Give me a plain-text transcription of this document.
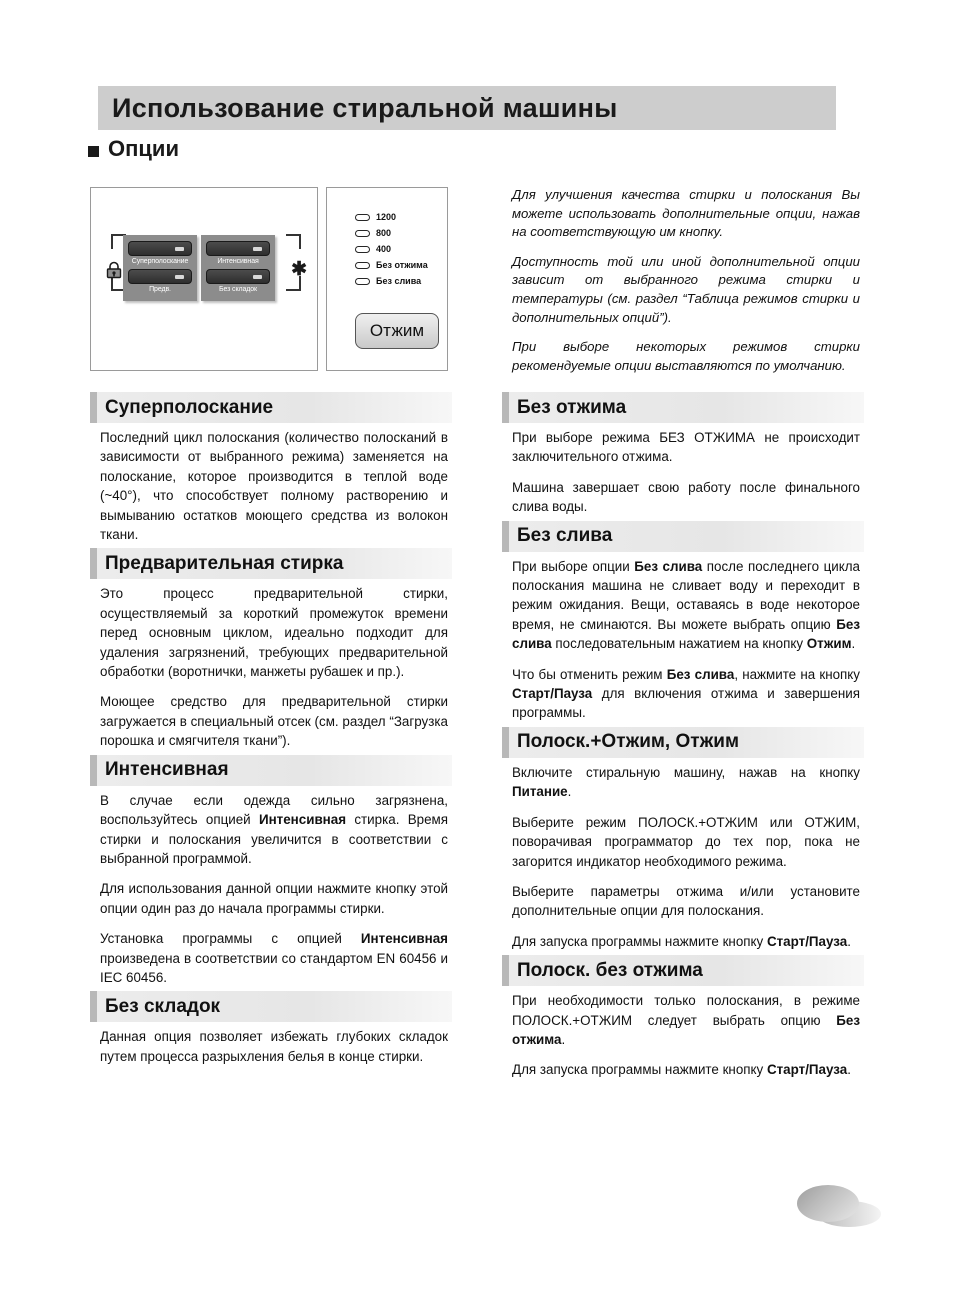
Использование стиральной машины
Опции
✱
Суперполоскание
Предв.
Интенсивная
Без складок
1200
800
400
Без отжима
Без слива
Отжим

Для улучшения качества стирки и полоскания Вы можете использовать дополнительные опции, нажав на соответствующую им кнопку.

Доступность той или иной дополнительной опции зависит от выбранного режима стирки и температуры (см. раздел “Таблица режимов стирки и дополнительных опций”).

При выборе некоторых режимов стирки рекомендуемые опции выставляются по умолчанию.

Суперполоскание

Последний цикл полоскания (количество полосканий в зависимости от выбранного режима) заменяется на полоскание, которое производится в теплой воде (~40°), что способствует полному растворению и вымыванию остатков моющего средства из волокон ткани.

Предварительная стирка

Это процесс предварительной стирки, осуществляемый за короткий промежуток времени перед основным циклом, идеально подходит для удаления загрязнений, требующих предварительной обработки (воротнички, манжеты рубашек и пр.).

Моющее средство для предварительной стирки загружается в специальный отсек (см. раздел “Загрузка порошка и смягчителя ткани”).

Интенсивная

В случае если одежда сильно загрязнена, воспользуйтесь опцией Интенсивная стирка. Время стирки и полоскания увеличится в соответствии с выбранной программой.

Для использования данной опции нажмите кнопку этой опции один раз до начала программы стирки.

Установка программы с опцией Интенсивная произведена в соответствии со стандартом EN 60456 и IEC 60456.

Без складок

Данная опция позволяет избежать глубоких складок путем процесса разрыхления белья в конце стирки.

Без отжима

При выборе режима БЕЗ ОТЖИМА не происходит заключительного отжима.

Машина завершает свою работу после финального слива воды.

Без слива

При выборе опции Без слива после последнего цикла полоскания машина не сливает воду и переходит в режим ожидания. Вещи, оставаясь в воде некоторое время, не сминаются. Вы можете выбрать опцию Без слива последовательным нажатием на кнопку Отжим.

Что бы отменить режим Без слива, нажмите на кнопку Старт/Пауза для включения отжима и завершения программы.

Полоск.+Отжим, Отжим

Включите стиральную машину, нажав на кнопку Питание.

Выберите режим ПОЛОСК.+ОТЖИМ или ОТЖИМ, поворачивая программатор до тех пор, пока не загорится индикатор необходимого режима.

Выберите параметры отжима и/или установите дополнительные опции для полоскания.

Для запуска программы нажмите кнопку Старт/Пауза.

Полоск. без отжима

При необходимости только полоскания, в режиме ПОЛОСК.+ОТЖИМ следует выбрать опцию Без отжима.

Для запуска программы нажмите кнопку Старт/Пауза.
